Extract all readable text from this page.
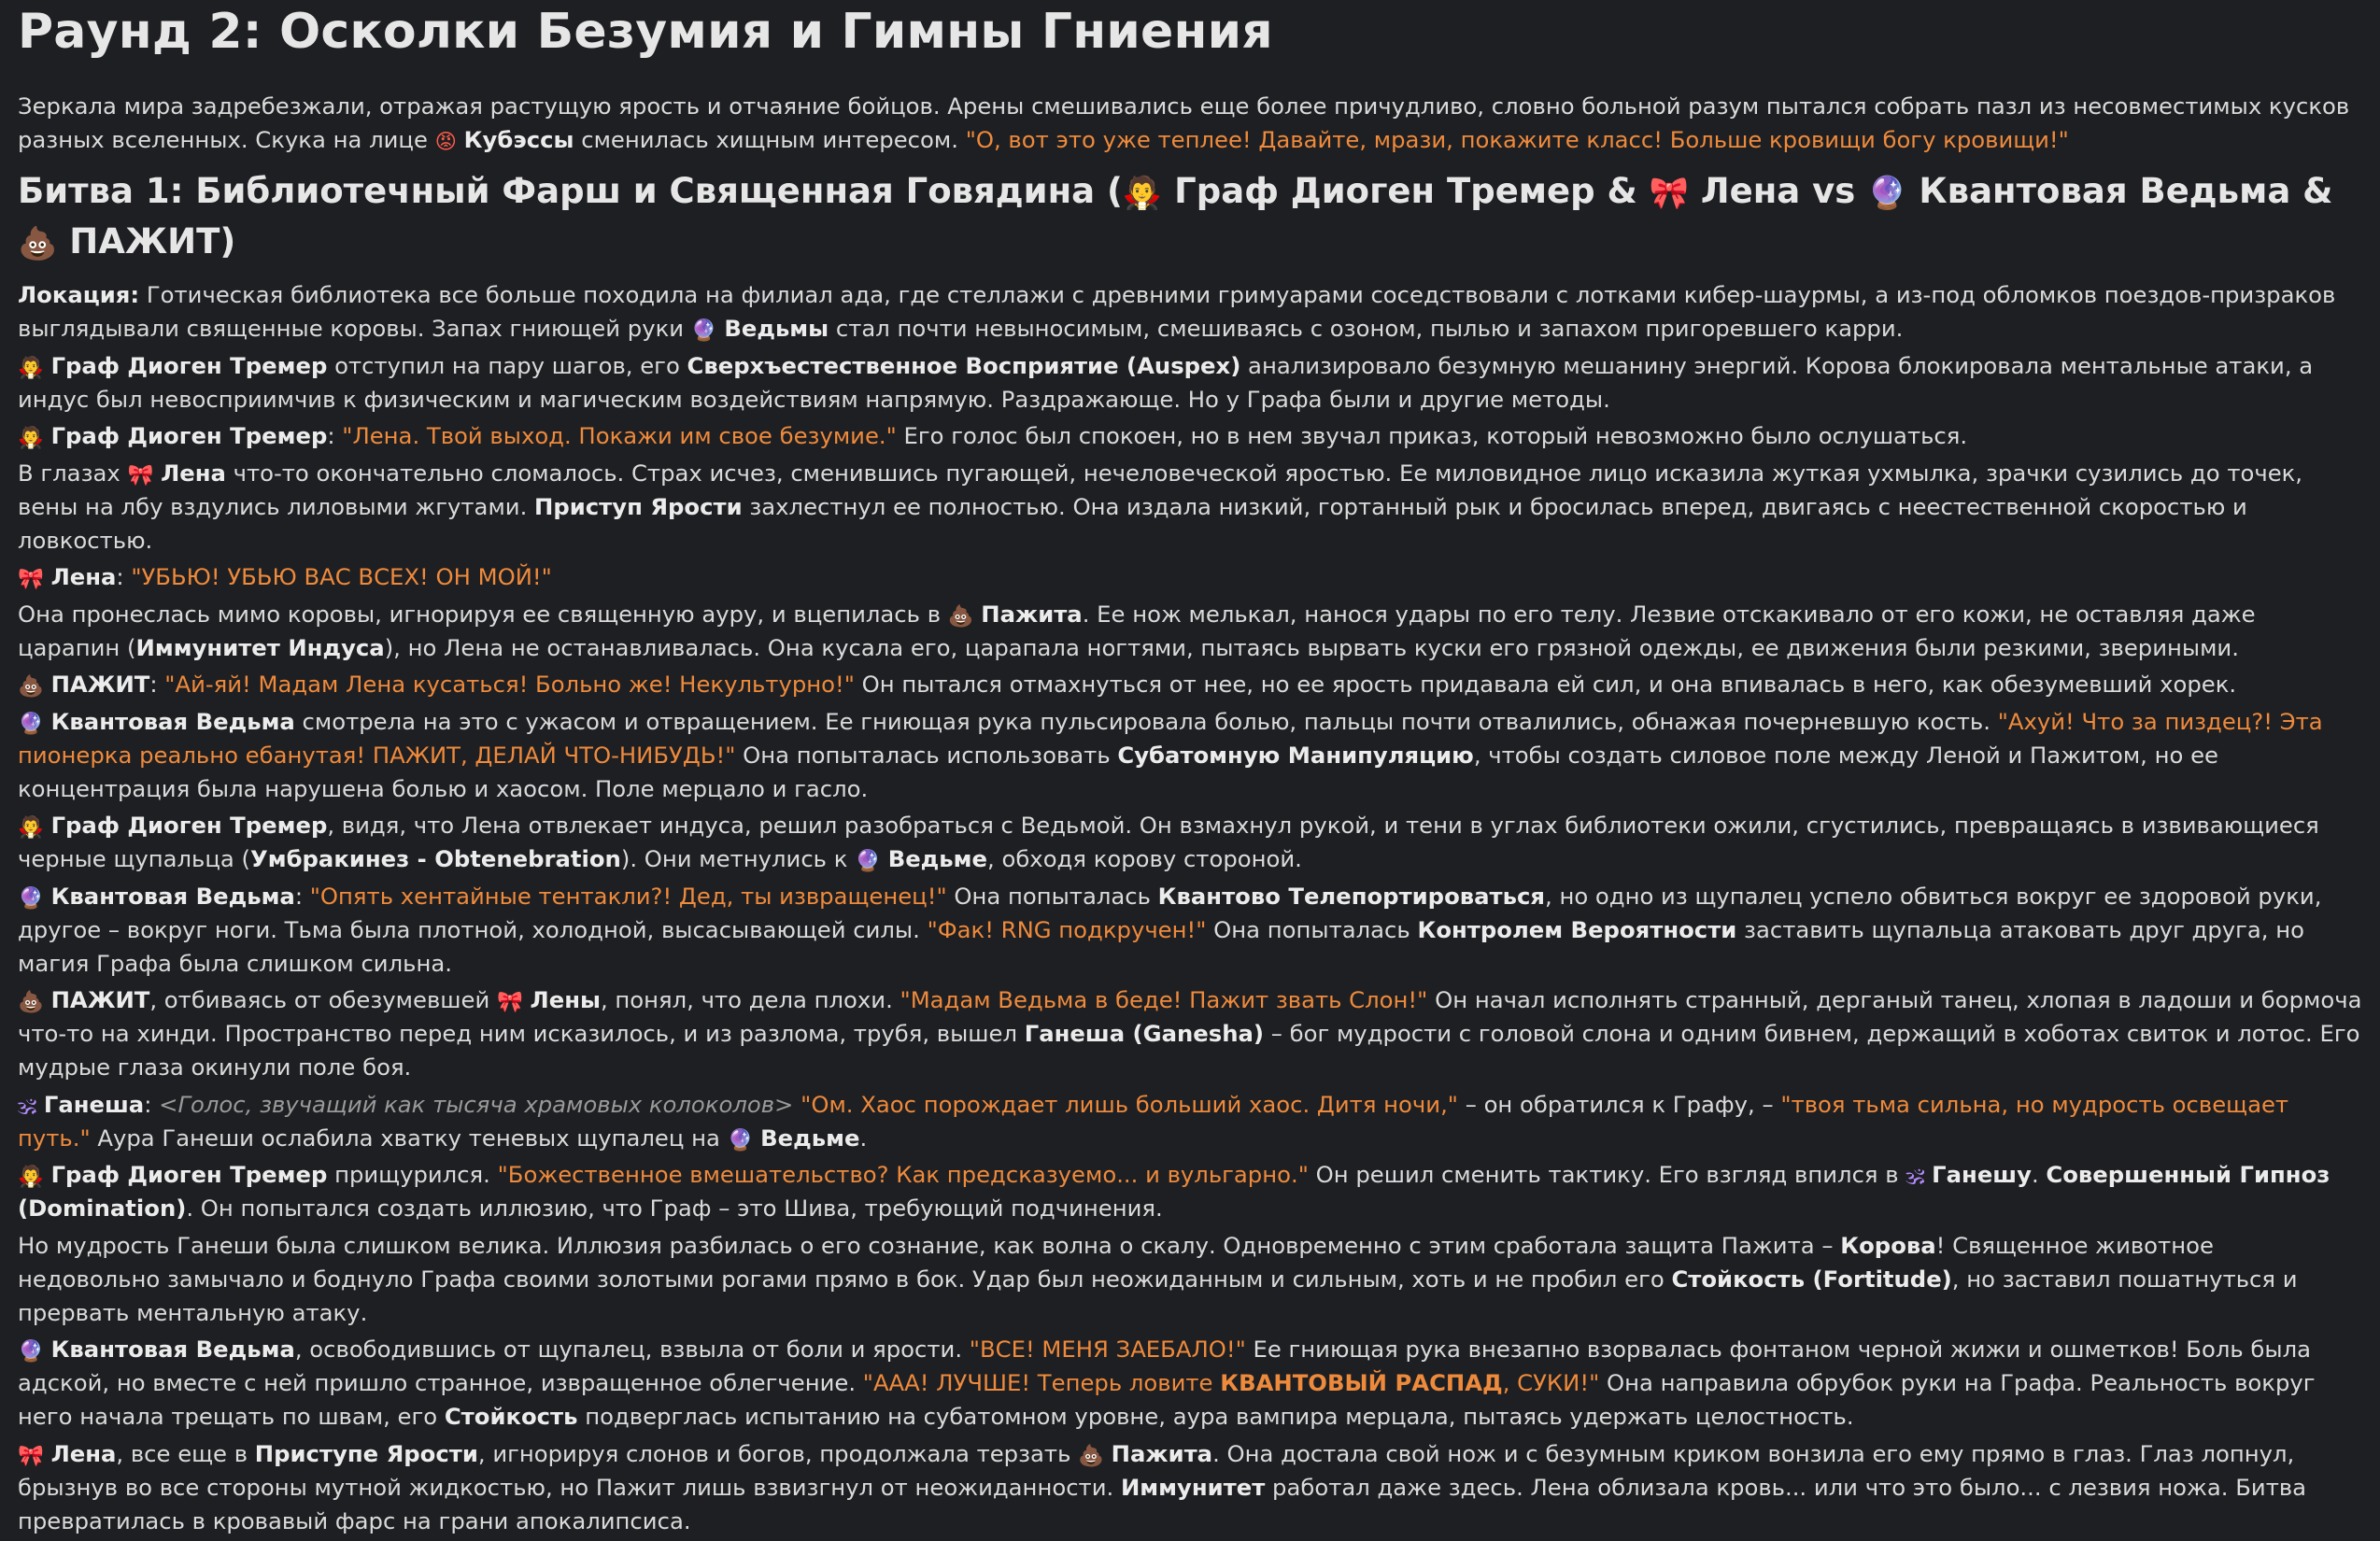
Раунд 2: Осколки Безумия и Гимны Гниения

Зеркала мира задребезжали, отражая растущую ярость и отчаяние бойцов. Арены смешивались еще более причудливо, словно больной разум пытался собрать пазл из несовместимых кусков разных вселенных. Скука на лице 😡 Кубэссы сменилась хищным интересом. "О, вот это уже теплее! Давайте, мрази, покажите класс! Больше кровищи богу кровищи!"

Битва 1: Библиотечный Фарш и Священная Говядина (🧛 Граф Диоген Тремер & 🎀 Лена vs 🔮 Квантовая Ведьма & 💩 ПАЖИТ)

Локация: Готическая библиотека все больше походила на филиал ада, где стеллажи с древними гримуарами соседствовали с лотками кибер-шаурмы, а из-под обломков поездов-призраков выглядывали священные коровы. Запах гниющей руки 🔮 Ведьмы стал почти невыносимым, смешиваясь с озоном, пылью и запахом пригоревшего карри.

🧛 Граф Диоген Тремер отступил на пару шагов, его Сверхъестественное Восприятие (Auspex) анализировало безумную мешанину энергий. Корова блокировала ментальные атаки, а индус был невосприимчив к физическим и магическим воздействиям напрямую. Раздражающе. Но у Графа были и другие методы.

🧛 Граф Диоген Тремер: "Лена. Твой выход. Покажи им свое безумие." Его голос был спокоен, но в нем звучал приказ, который невозможно было ослушаться.

В глазах 🎀 Лена что-то окончательно сломалось. Страх исчез, сменившись пугающей, нечеловеческой яростью. Ее миловидное лицо исказила жуткая ухмылка, зрачки сузились до точек, вены на лбу вздулись лиловыми жгутами. Приступ Ярости захлестнул ее полностью. Она издала низкий, гортанный рык и бросилась вперед, двигаясь с неестественной скоростью и ловкостью.

🎀 Лена: "УБЬЮ! УБЬЮ ВАС ВСЕХ! ОН МОЙ!"

Она пронеслась мимо коровы, игнорируя ее священную ауру, и вцепилась в 💩 Пажита. Ее нож мелькал, нанося удары по его телу. Лезвие отскакивало от его кожи, не оставляя даже царапин (Иммунитет Индуса), но Лена не останавливалась. Она кусала его, царапала ногтями, пытаясь вырвать куски его грязной одежды, ее движения были резкими, звериными.

💩 ПАЖИТ: "Ай-яй! Мадам Лена кусаться! Больно же! Некультурно!" Он пытался отмахнуться от нее, но ее ярость придавала ей сил, и она впивалась в него, как обезумевший хорек.

🔮 Квантовая Ведьма смотрела на это с ужасом и отвращением. Ее гниющая рука пульсировала болью, пальцы почти отвалились, обнажая почерневшую кость. "Ахуй! Что за пиздец?! Эта пионерка реально ебанутая! ПАЖИТ, ДЕЛАЙ ЧТО-НИБУДЬ!" Она попыталась использовать Субатомную Манипуляцию, чтобы создать силовое поле между Леной и Пажитом, но ее концентрация была нарушена болью и хаосом. Поле мерцало и гасло.

🧛 Граф Диоген Тремер, видя, что Лена отвлекает индуса, решил разобраться с Ведьмой. Он взмахнул рукой, и тени в углах библиотеки ожили, сгустились, превращаясь в извивающиеся черные щупальца (Умбракинез - Obtenebration). Они метнулись к 🔮 Ведьме, обходя корову стороной.

🔮 Квантовая Ведьма: "Опять хентайные тентакли?! Дед, ты извращенец!" Она попыталась Квантово Телепортироваться, но одно из щупалец успело обвиться вокруг ее здоровой руки, другое – вокруг ноги. Тьма была плотной, холодной, высасывающей силы. "Фак! RNG подкручен!" Она попыталась Контролем Вероятности заставить щупальца атаковать друг друга, но магия Графа была слишком сильна.

💩 ПАЖИТ, отбиваясь от обезумевшей 🎀 Лены, понял, что дела плохи. "Мадам Ведьма в беде! Пажит звать Слон!" Он начал исполнять странный, дерганый танец, хлопая в ладоши и бормоча что-то на хинди. Пространство перед ним исказилось, и из разлома, трубя, вышел Ганеша (Ganesha) – бог мудрости с головой слона и одним бивнем, держащий в хоботах свиток и лотос. Его мудрые глаза окинули поле боя.

🕉 Ганеша: <Голос, звучащий как тысяча храмовых колоколов> "Ом. Хаос порождает лишь больший хаос. Дитя ночи," – он обратился к Графу, – "твоя тьма сильна, но мудрость освещает путь." Аура Ганеши ослабила хватку теневых щупалец на 🔮 Ведьме.

🧛 Граф Диоген Тремер прищурился. "Божественное вмешательство? Как предсказуемо... и вульгарно." Он решил сменить тактику. Его взгляд впился в 🕉 Ганешу. Совершенный Гипноз (Domination). Он попытался создать иллюзию, что Граф – это Шива, требующий подчинения.

Но мудрость Ганеши была слишком велика. Иллюзия разбилась о его сознание, как волна о скалу. Одновременно с этим сработала защита Пажита – Корова! Священное животное недовольно замычало и боднуло Графа своими золотыми рогами прямо в бок. Удар был неожиданным и сильным, хоть и не пробил его Стойкость (Fortitude), но заставил пошатнуться и прервать ментальную атаку.

🔮 Квантовая Ведьма, освободившись от щупалец, взвыла от боли и ярости. "ВСЕ! МЕНЯ ЗАЕБАЛО!" Ее гниющая рука внезапно взорвалась фонтаном черной жижи и ошметков! Боль была адской, но вместе с ней пришло странное, извращенное облегчение. "ААА! ЛУЧШЕ! Теперь ловите КВАНТОВЫЙ РАСПАД, СУКИ!" Она направила обрубок руки на Графа. Реальность вокруг него начала трещать по швам, его Стойкость подверглась испытанию на субатомном уровне, аура вампира мерцала, пытаясь удержать целостность.

🎀 Лена, все еще в Приступе Ярости, игнорируя слонов и богов, продолжала терзать 💩 Пажита. Она достала свой нож и с безумным криком вонзила его ему прямо в глаз. Глаз лопнул, брызнув во все стороны мутной жидкостью, но Пажит лишь взвизгнул от неожиданности. Иммунитет работал даже здесь. Лена облизала кровь... или что это было... с лезвия ножа. Битва превратилась в кровавый фарс на грани апокалипсиса.
